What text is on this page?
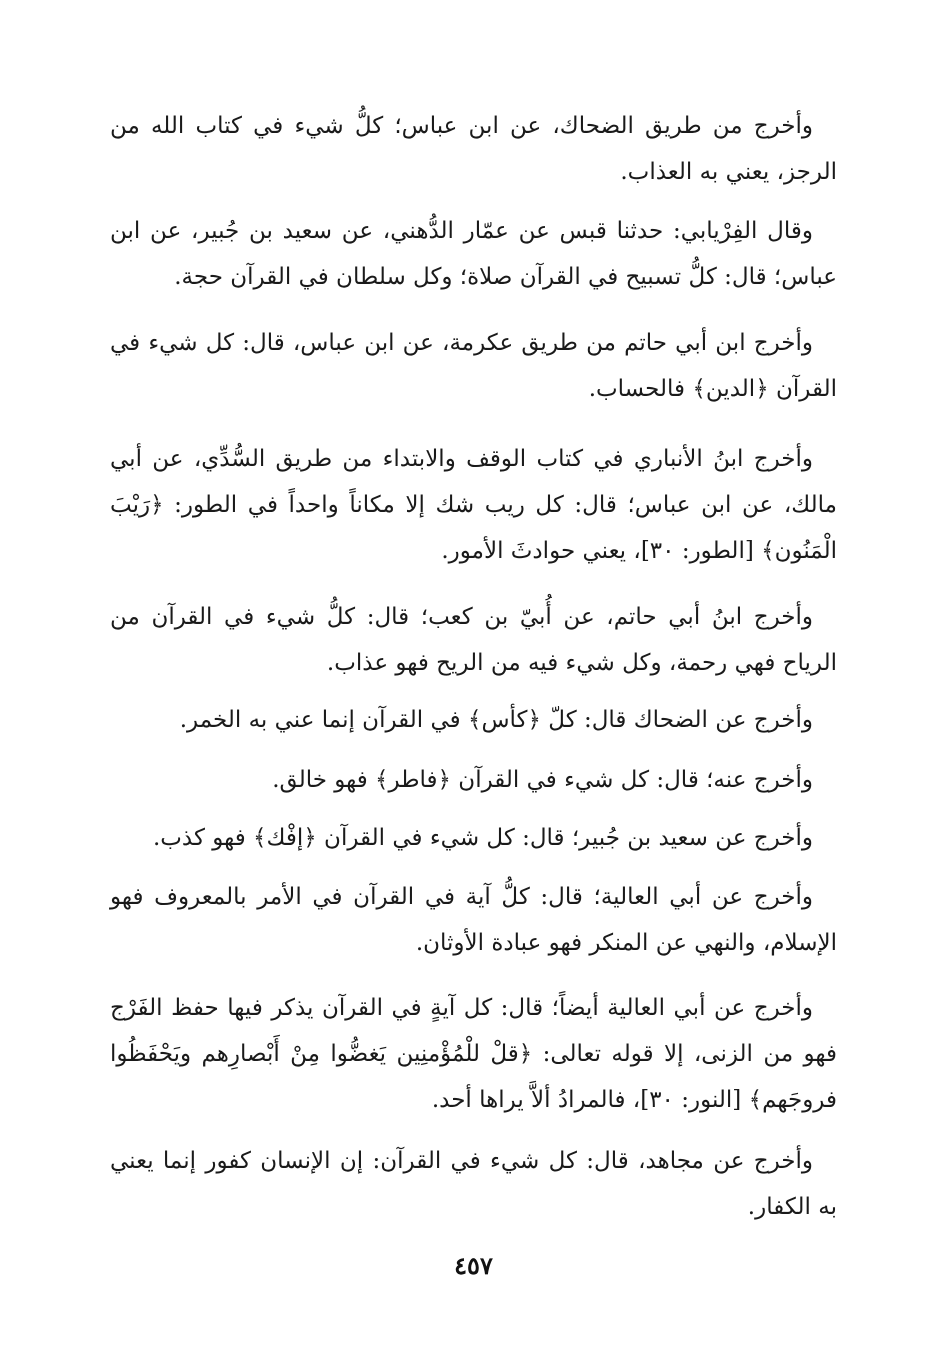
وأخرج من طريق الضحاك، عن ابن عباس؛ كلُّ شيء في كتاب الله من الرجز، يعني به العذاب.

وقال الفِرْيابي: حدثنا قبس عن عمّار الدُّهني، عن سعيد بن جُبير، عن ابن عباس؛ قال: كلُّ تسبيح في القرآن صلاة؛ وكل سلطان في القرآن حجة.

وأخرج ابن أبي حاتم من طريق عكرمة، عن ابن عباس، قال: كل شيء في القرآن ﴿الدين﴾ فالحساب.

وأخرج ابنُ الأنباري في كتاب الوقف والابتداء من طريق السُّدِّي، عن أبي مالك، عن ابن عباس؛ قال: كل ريب شك إلا مكاناً واحداً في الطور: ﴿رَيْبَ الْمَنُون﴾ [الطور: ٣٠]، يعني حوادثَ الأمور.

وأخرج ابنُ أبي حاتم، عن أُبيّ بن كعب؛ قال: كلُّ شيء في القرآن من الرياح فهي رحمة، وكل شيء فيه من الريح فهو عذاب.

وأخرج عن الضحاك قال: كلّ ﴿كأس﴾ في القرآن إنما عني به الخمر.

وأخرج عنه؛ قال: كل شيء في القرآن ﴿فاطر﴾ فهو خالق.

وأخرج عن سعيد بن جُبير؛ قال: كل شيء في القرآن ﴿إفْك﴾ فهو كذب.

وأخرج عن أبي العالية؛ قال: كلُّ آية في القرآن في الأمر بالمعروف فهو الإسلام، والنهي عن المنكر فهو عبادة الأوثان.

وأخرج عن أبي العالية أيضاً؛ قال: كل آيةٍ في القرآن يذكر فيها حفظ الفَرْج فهو من الزنى، إلا قوله تعالى: ﴿قلْ للْمُؤْمنِين يَغضُّوا مِنْ أَبْصارِهم ويَحْفَظُوا فروجَهم﴾ [النور: ٣٠]، فالمرادُ ألاَّ يراها أحد.

وأخرج عن مجاهد، قال: كل شيء في القرآن: إن الإنسان كفور إنما يعني به الكفار.

٤٥٧
